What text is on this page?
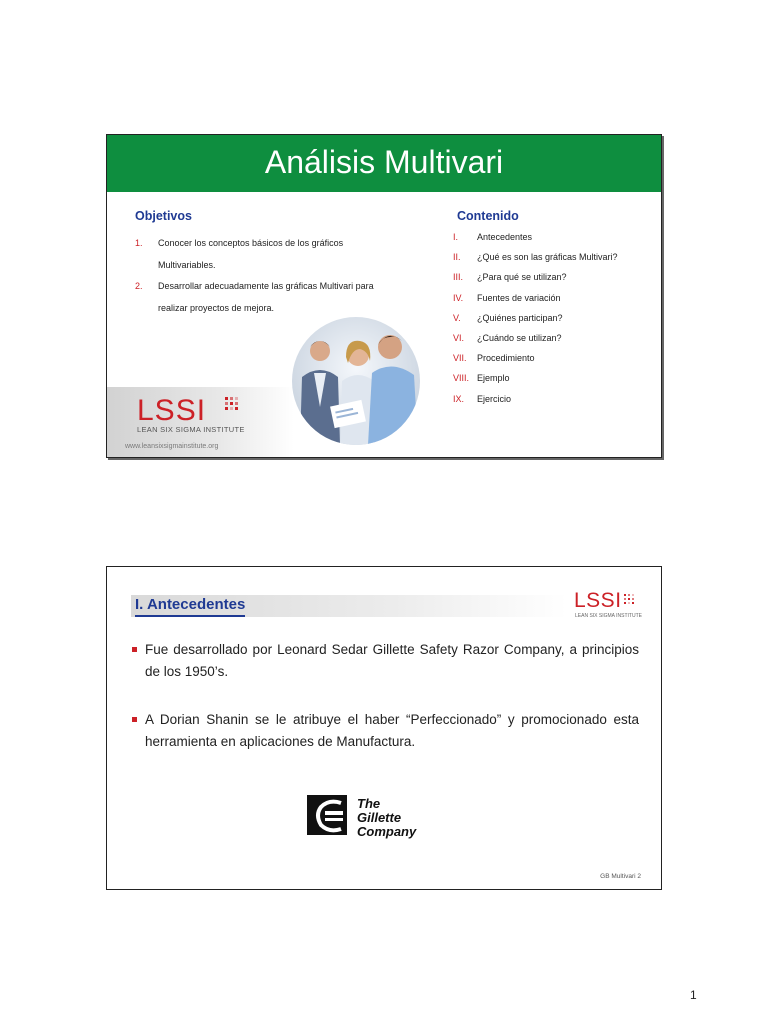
Análisis Multivari
Objetivos
1. Conocer los conceptos básicos de los gráficos Multivariables.
2. Desarrollar adecuadamente las gráficas Multivari para realizar proyectos de mejora.
Contenido
I. Antecedentes
II. ¿Qué es son las gráficas Multivari?
III. ¿Para qué se utilizan?
IV. Fuentes de variación
V. ¿Quiénes participan?
VI. ¿Cuándo se utilizan?
VII. Procedimiento
VIII. Ejemplo
IX. Ejercicio
LSSI
LEAN SIX SIGMA INSTITUTE
www.leansixsigmainstitute.org
I. Antecedentes	LSSI
LEAN SIX SIGMA INSTITUTE
Fue desarrollado por Leonard Sedar Gillette Safety Razor Company, a principios de los 1950’s.
A Dorian Shanin se le atribuye el haber “Perfeccionado” y promocionado esta herramienta en aplicaciones de Manufactura.
The
Gillette
Company
GB Multivari 2
1
